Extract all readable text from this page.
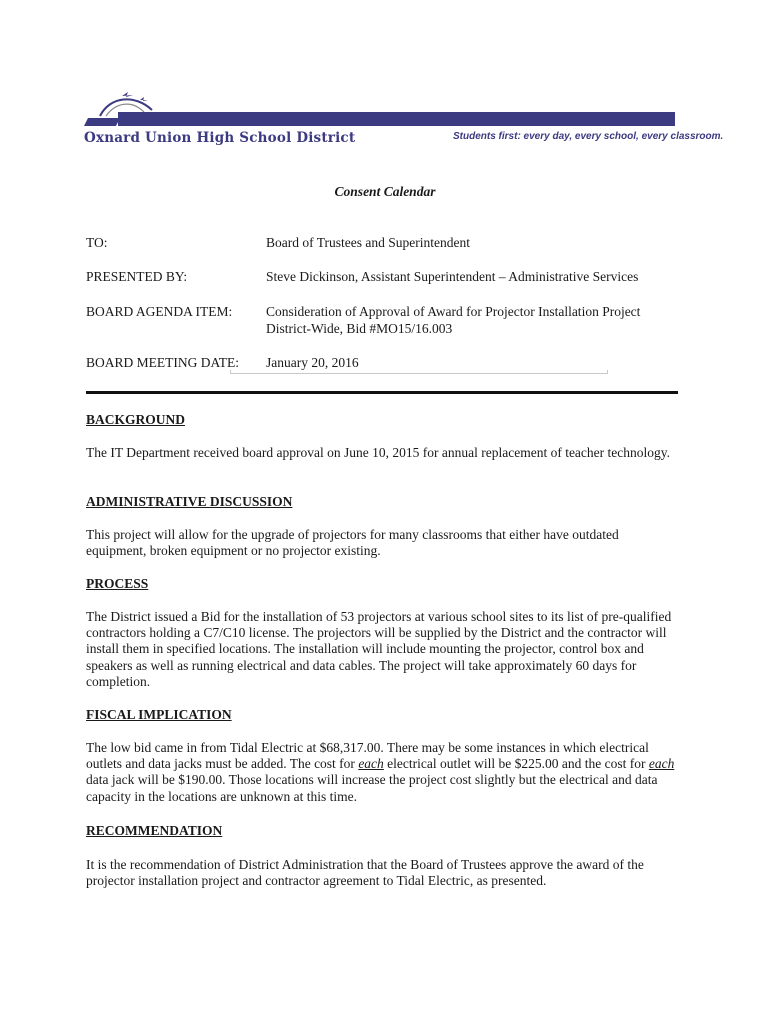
Oxnard Union High School District	Students first: every day, every school, every classroom.
Consent Calendar
TO:	Board of Trustees and Superintendent
PRESENTED BY:	Steve Dickinson, Assistant Superintendent – Administrative Services
BOARD AGENDA ITEM: Consideration of Approval of Award for Projector Installation Project District-Wide, Bid #MO15/16.003
BOARD MEETING DATE: January 20, 2016
BACKGROUND
The IT Department received board approval on June 10, 2015 for annual replacement of teacher technology.
ADMINISTRATIVE DISCUSSION
This project will allow for the upgrade of projectors for many classrooms that either have outdated equipment, broken equipment or no projector existing.
PROCESS
The District issued a Bid for the installation of 53 projectors at various school sites to its list of pre-qualified contractors holding a C7/C10 license. The projectors will be supplied by the District and the contractor will install them in specified locations. The installation will include mounting the projector, control box and speakers as well as running electrical and data cables. The project will take approximately 60 days for completion.
FISCAL IMPLICATION
The low bid came in from Tidal Electric at $68,317.00. There may be some instances in which electrical outlets and data jacks must be added. The cost for each electrical outlet will be $225.00 and the cost for each data jack will be $190.00. Those locations will increase the project cost slightly but the electrical and data capacity in the locations are unknown at this time.
RECOMMENDATION
It is the recommendation of District Administration that the Board of Trustees approve the award of the projector installation project and contractor agreement to Tidal Electric, as presented.
